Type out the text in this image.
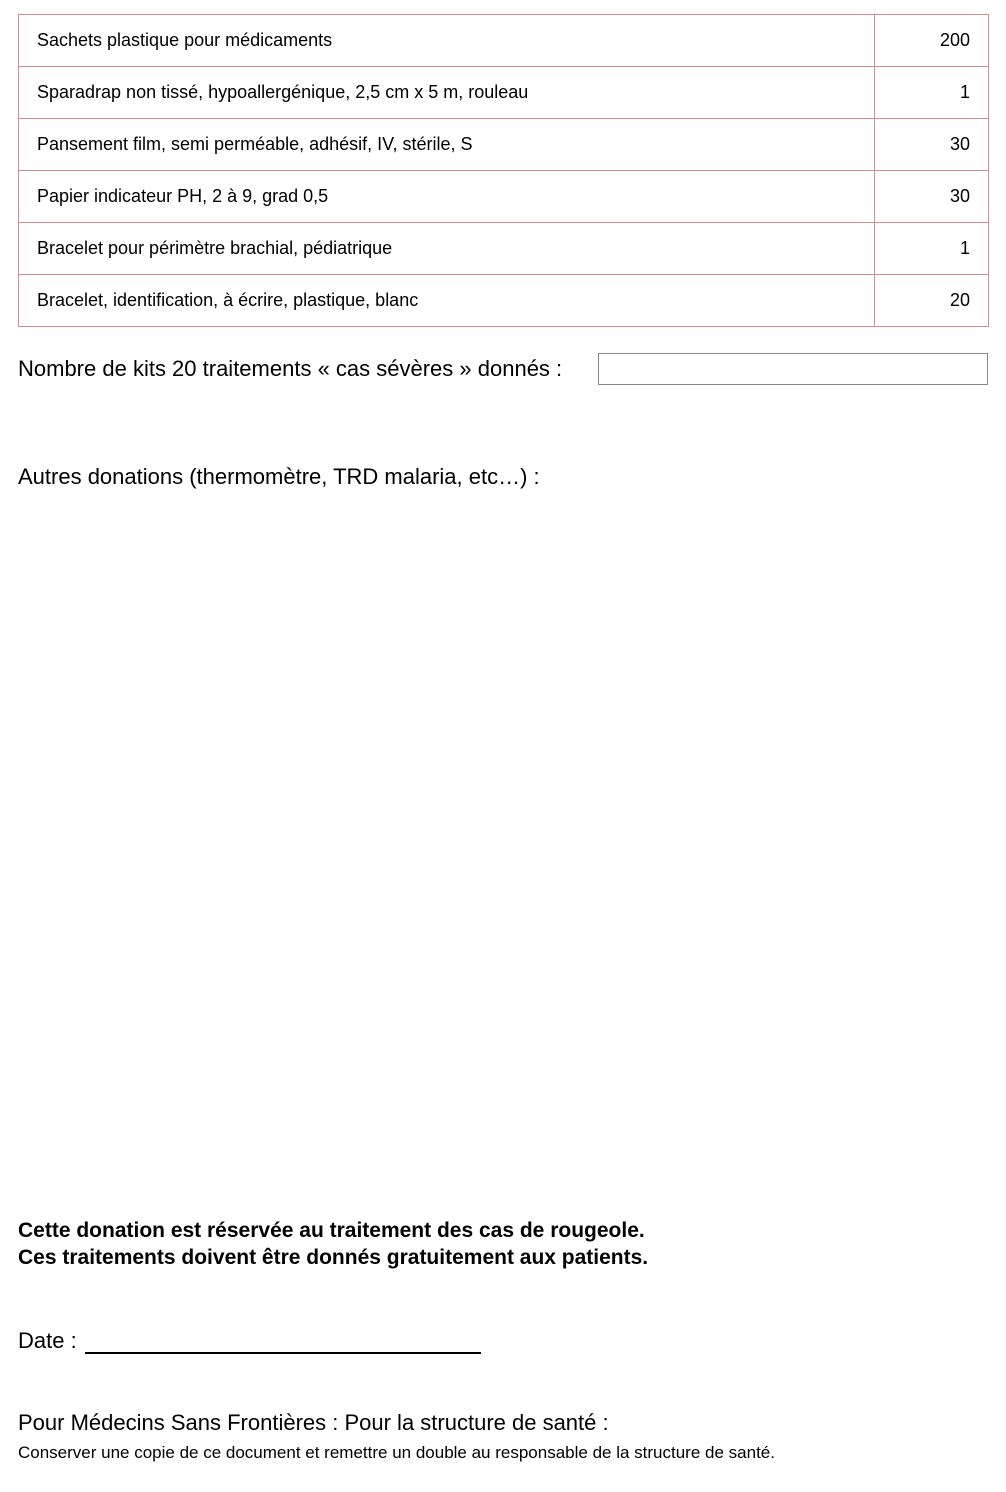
Sachets plastique pour médicaments	200
Sparadrap non tissé, hypoallergénique, 2,5 cm x 5 m, rouleau	1
Pansement film, semi perméable, adhésif, IV, stérile, S	30
Papier indicateur PH, 2 à 9, grad 0,5	30
Bracelet pour périmètre brachial, pédiatrique	1
Bracelet, identification, à écrire, plastique, blanc	20
Nombre de kits 20 traitements « cas sévères » donnés :
Autres donations (thermomètre, TRD malaria, etc…) :
Cette donation est réservée au traitement des cas de rougeole.
Ces traitements doivent être donnés gratuitement aux patients.
Date :
Pour Médecins Sans Frontières : Pour la structure de santé :
Conserver une copie de ce document et remettre un double au responsable de la structure de santé.
